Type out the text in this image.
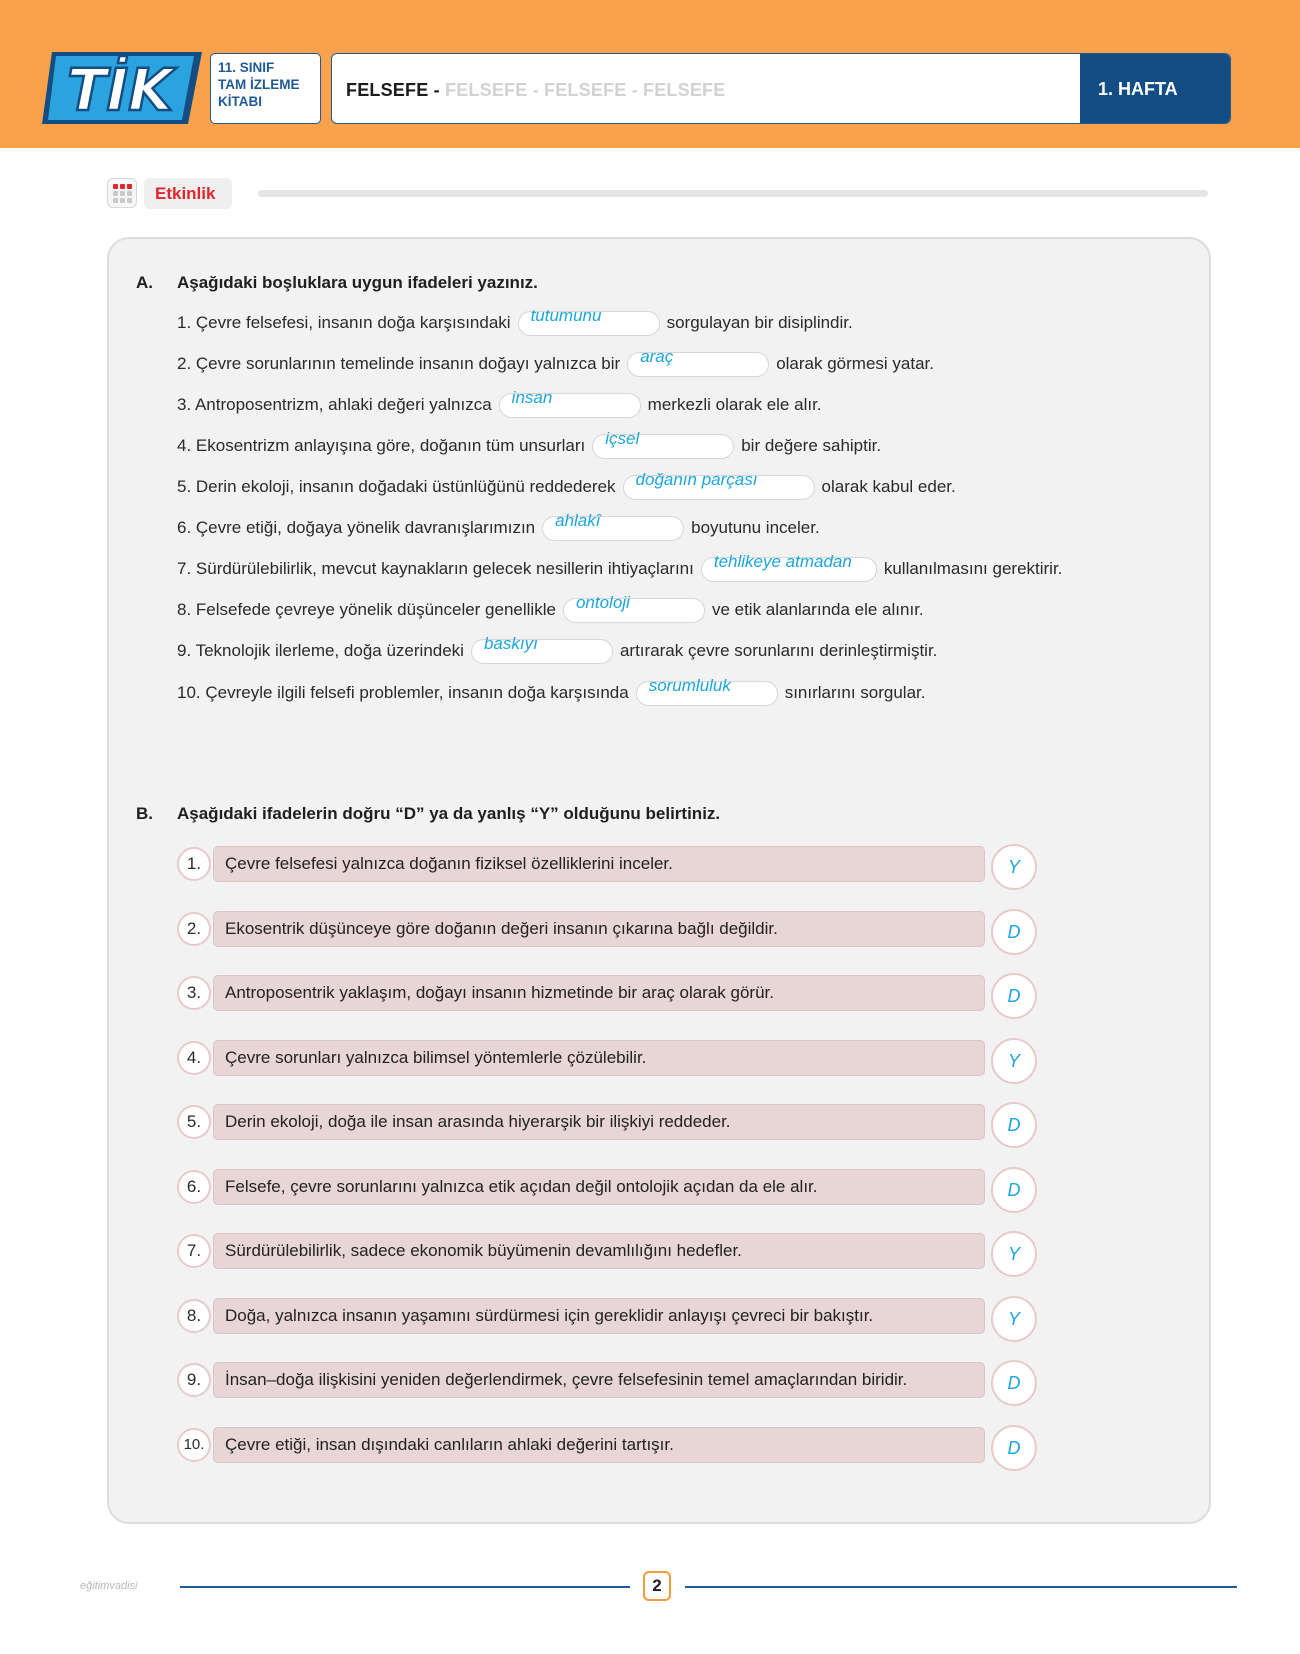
TİK	11. SINIF
TAM İZLEME
KİTABI
FELSEFE - FELSEFE - FELSEFE - FELSEFE	1. HAFTA
Etkinlik
A. Aşağıdaki boşluklara uygun ifadeleri yazınız.
1. Çevre felsefesi, insanın doğa karşısındaki tutumunu	sorgulayan bir disiplindir.
2. Çevre sorunlarının temelinde insanın doğayı yalnızca bir araç	olarak görmesi yatar.
3. Antroposentrizm, ahlaki değeri yalnızca insan	merkezli olarak ele alır.
4. Ekosentrizm anlayışına göre, doğanın tüm unsurları içsel	bir değere sahiptir.
5. Derin ekoloji, insanın doğadaki üstünlüğünü reddederek doğanın parçası	olarak kabul eder.
6. Çevre etiği, doğaya yönelik davranışlarımızın ahlakî	boyutunu inceler.
7. Sürdürülebilirlik, mevcut kaynakların gelecek nesillerin ihtiyaçlarını tehlikeye atmadan kullanılmasını gerektirir.
8. Felsefede çevreye yönelik düşünceler genellikle ontoloji	ve etik alanlarında ele alınır.
9. Teknolojik ilerleme, doğa üzerindeki baskıyı	artırarak çevre sorunlarını derinleştirmiştir.
10. Çevreyle ilgili felsefi problemler, insanın doğa karşısında sorumluluk	sınırlarını sorgular.
B. Aşağıdaki ifadelerin doğru “D” ya da yanlış “Y” olduğunu belirtiniz.
1.	Çevre felsefesi yalnızca doğanın fiziksel özelliklerini inceler.	Y
2.	Ekosentrik düşünceye göre doğanın değeri insanın çıkarına bağlı değildir.	D
3.	Antroposentrik yaklaşım, doğayı insanın hizmetinde bir araç olarak görür.	D
4.	Çevre sorunları yalnızca bilimsel yöntemlerle çözülebilir.	Y
5.	Derin ekoloji, doğa ile insan arasında hiyerarşik bir ilişkiyi reddeder.	D
6.	Felsefe, çevre sorunlarını yalnızca etik açıdan değil ontolojik açıdan da ele alır.	D
7.	Sürdürülebilirlik, sadece ekonomik büyümenin devamlılığını hedefler.	Y
8.	Doğa, yalnızca insanın yaşamını sürdürmesi için gereklidir anlayışı çevreci bir bakıştır.	Y
9.	İnsan–doğa ilişkisini yeniden değerlendirmek, çevre felsefesinin temel amaçlarından biridir.	D
10.	Çevre etiği, insan dışındaki canlıların ahlaki değerini tartışır.	D
eğitimvadisi	2
